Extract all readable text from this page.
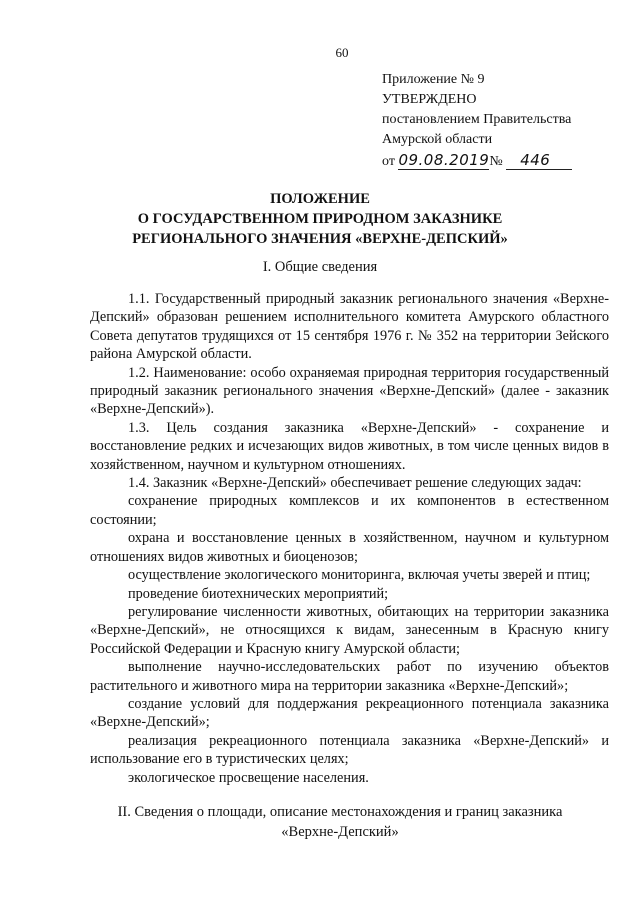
60
Приложение № 9
УТВЕРЖДЕНО
постановлением Правительства
Амурской области
от 09.08.2019№ 446
ПОЛОЖЕНИЕ
О ГОСУДАРСТВЕННОМ ПРИРОДНОМ ЗАКАЗНИКЕ
РЕГИОНАЛЬНОГО ЗНАЧЕНИЯ «ВЕРХНЕ-ДЕПСКИЙ»
I. Общие сведения

1.1. Государственный природный заказник регионального значения «Верхне-Депский» образован решением исполнительного комитета Амурского областного Совета депутатов трудящихся от 15 сентября 1976 г. № 352 на территории Зейского района Амурской области.

1.2. Наименование: особо охраняемая природная территория государственный природный заказник регионального значения «Верхне-Депский» (далее - заказник «Верхне-Депский»).

1.3. Цель создания заказника «Верхне-Депский» - сохранение и восстановление редких и исчезающих видов животных, в том числе ценных видов в хозяйственном, научном и культурном отношениях.

1.4. Заказник «Верхне-Депский» обеспечивает решение следующих задач:

сохранение природных комплексов и их компонентов в естественном состоянии;

охрана и восстановление ценных в хозяйственном, научном и культурном отношениях видов животных и биоценозов;

осуществление экологического мониторинга, включая учеты зверей и птиц;

проведение биотехнических мероприятий;

регулирование численности животных, обитающих на территории заказника «Верхне-Депский», не относящихся к видам, занесенным в Красную книгу Российской Федерации и Красную книгу Амурской области;

выполнение научно-исследовательских работ по изучению объектов растительного и животного мира на территории заказника «Верхне-Депский»;

создание условий для поддержания рекреационного потенциала заказника «Верхне-Депский»;

реализация рекреационного потенциала заказника «Верхне-Депский» и использование его в туристических целях;

экологическое просвещение населения.

II. Сведения о площади, описание местонахождения и границ заказника
«Верхне-Депский»
